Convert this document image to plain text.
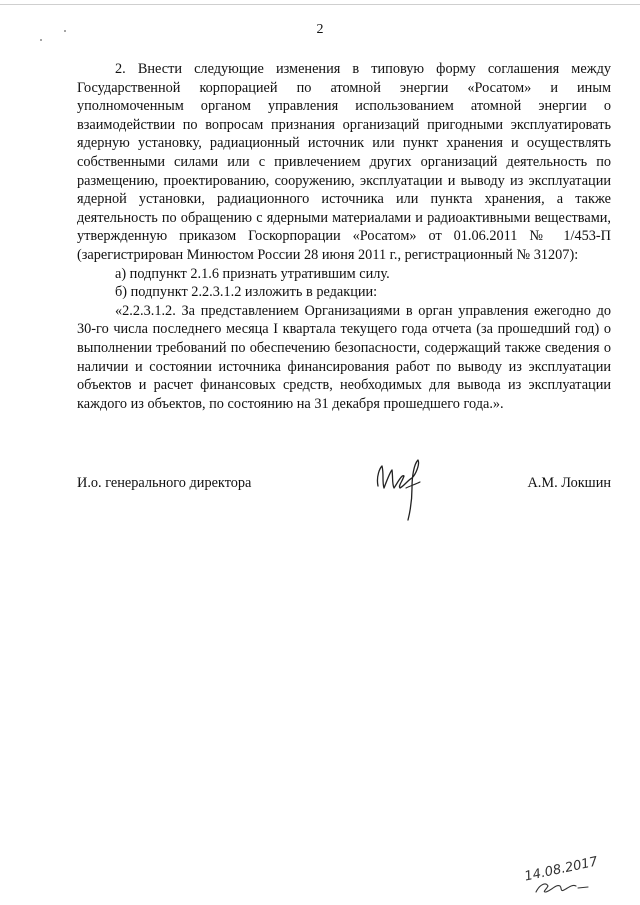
2

2. Внести следующие изменения в типовую форму соглашения между Государственной корпорацией по атомной энергии «Росатом» и иным уполномоченным органом управления использованием атомной энергии о взаимодействии по вопросам признания организаций пригодными эксплуатировать ядерную установку, радиационный источник или пункт хранения и осуществлять собственными силами или с привлечением других организаций деятельность по размещению, проектированию, сооружению, эксплуатации и выводу из эксплуатации ядерной установки, радиационного источника или пункта хранения, а также деятельность по обращению с ядерными материалами и радиоактивными веществами, утвержденную приказом Госкорпорации «Росатом» от 01.06.2011 № 1/453-П (зарегистрирован Минюстом России 28 июня 2011 г., регистрационный № 31207):

а) подпункт 2.1.6 признать утратившим силу.

б) подпункт 2.2.3.1.2 изложить в редакции:

«2.2.3.1.2. За представлением Организациями в орган управления ежегодно до 30-го числа последнего месяца I квартала текущего года отчета (за прошедший год) о выполнении требований по обеспечению безопасности, содержащий также сведения о наличии и состоянии источника финансирования работ по выводу из эксплуатации объектов и расчет финансовых средств, необходимых для вывода из эксплуатации каждого из объектов, по состоянию на 31 декабря прошедшего года.».

И.о. генерального директора	А.М. Локшин
14.08.2017
